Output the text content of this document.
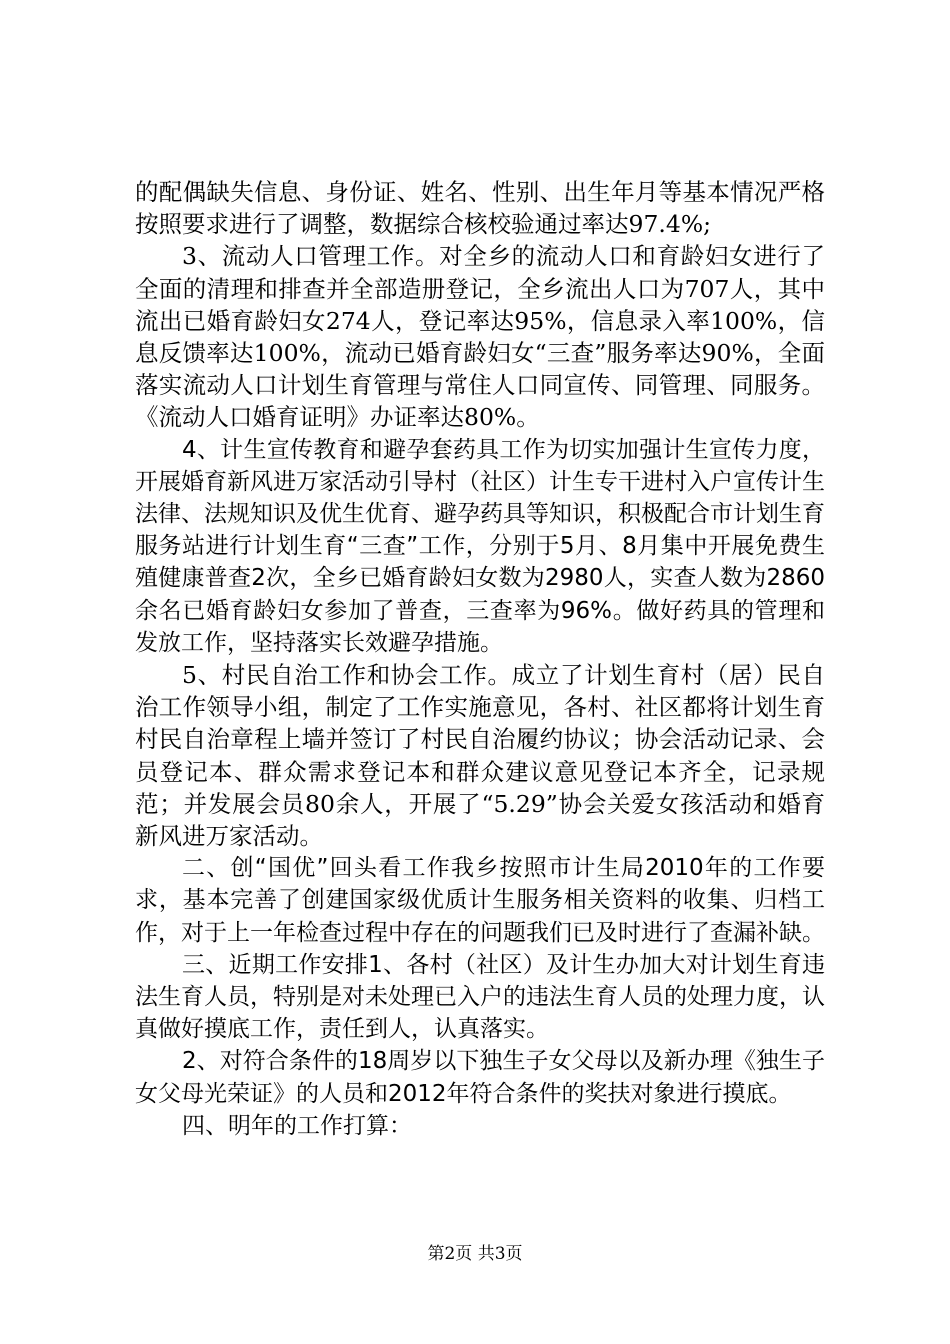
的配偶缺失信息、身份证、姓名、性别、出生年月等基本情况严格按照要求进行了调整，数据综合核校验通过率达97.4%;

3、流动人口管理工作。对全乡的流动人口和育龄妇女进行了全面的清理和排查并全部造册登记，全乡流出人口为707人，其中流出已婚育龄妇女274人，登记率达95%，信息录入率100%，信息反馈率达100%，流动已婚育龄妇女“三查”服务率达90%，全面落实流动人口计划生育管理与常住人口同宣传、同管理、同服务。《流动人口婚育证明》办证率达80%。

4、计生宣传教育和避孕套药具工作为切实加强计生宣传力度，开展婚育新风进万家活动引导村（社区）计生专干进村入户宣传计生法律、法规知识及优生优育、避孕药具等知识，积极配合市计划生育服务站进行计划生育“三查”工作，分别于5月、8月集中开展免费生殖健康普查2次，全乡已婚育龄妇女数为2980人，实查人数为2860余名已婚育龄妇女参加了普查，三查率为96%。做好药具的管理和发放工作，坚持落实长效避孕措施。

5、村民自治工作和协会工作。成立了计划生育村（居）民自治工作领导小组，制定了工作实施意见，各村、社区都将计划生育村民自治章程上墙并签订了村民自治履约协议；协会活动记录、会员登记本、群众需求登记本和群众建议意见登记本齐全，记录规范；并发展会员80余人，开展了“5.29”协会关爱女孩活动和婚育新风进万家活动。

二、创“国优”回头看工作我乡按照市计生局2010年的工作要求，基本完善了创建国家级优质计生服务相关资料的收集、归档工作，对于上一年检查过程中存在的问题我们已及时进行了查漏补缺。

三、近期工作安排1、各村（社区）及计生办加大对计划生育违法生育人员，特别是对未处理已入户的违法生育人员的处理力度，认真做好摸底工作，责任到人，认真落实。

2、对符合条件的18周岁以下独生子女父母以及新办理《独生子女父母光荣证》的人员和2012年符合条件的奖扶对象进行摸底。

四、明年的工作打算：

第2页 共3页
